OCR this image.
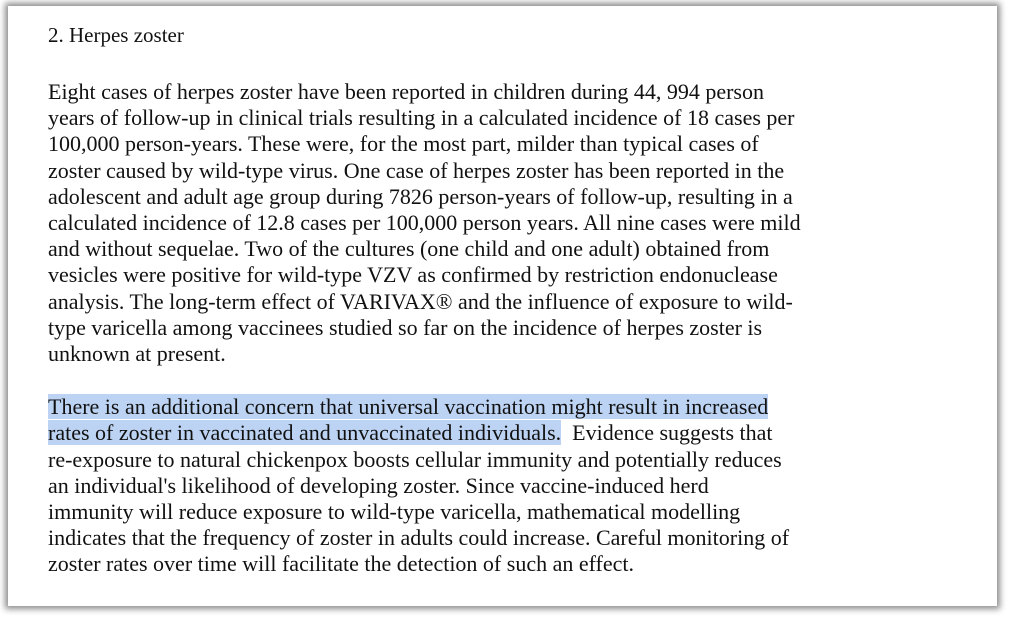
2. Herpes zoster

Eight cases of herpes zoster have been reported in children during 44, 994 person
years of follow-up in clinical trials resulting in a calculated incidence of 18 cases per
100,000 person-years. These were, for the most part, milder than typical cases of
zoster caused by wild-type virus. One case of herpes zoster has been reported in the
adolescent and adult age group during 7826 person-years of follow-up, resulting in a
calculated incidence of 12.8 cases per 100,000 person years. All nine cases were mild
and without sequelae. Two of the cultures (one child and one adult) obtained from
vesicles were positive for wild-type VZV as confirmed by restriction endonuclease
analysis. The long-term effect of VARIVAX® and the influence of exposure to wild-
type varicella among vaccinees studied so far on the incidence of herpes zoster is
unknown at present.
There is an additional concern that universal vaccination might result in increased
rates of zoster in vaccinated and unvaccinated individuals.  Evidence suggests that
re-exposure to natural chickenpox boosts cellular immunity and potentially reduces
an individual's likelihood of developing zoster. Since vaccine-induced herd
immunity will reduce exposure to wild-type varicella, mathematical modelling
indicates that the frequency of zoster in adults could increase. Careful monitoring of
zoster rates over time will facilitate the detection of such an effect.
